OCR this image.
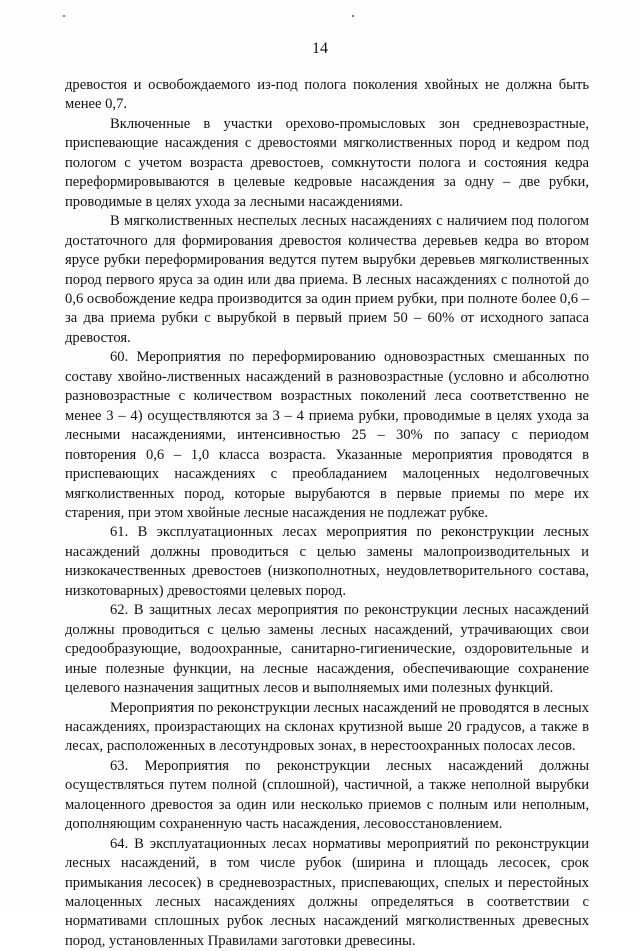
14

древостоя и освобождаемого из-под полога поколения хвойных не должна быть менее 0,7.

Включенные в участки орехово-промысловых зон средневозрастные, приспевающие насаждения с древостоями мягколиственных пород и кедром под пологом с учетом возраста древостоев, сомкнутости полога и состояния кедра переформировываются в целевые кедровые насаждения за одну – две рубки, проводимые в целях ухода за лесными насаждениями.

В мягколиственных неспелых лесных насаждениях с наличием под пологом достаточного для формирования древостоя количества деревьев кедра во втором ярусе рубки переформирования ведутся путем вырубки деревьев мягколиственных пород первого яруса за один или два приема. В лесных насаждениях с полнотой до 0,6 освобождение кедра производится за один прием рубки, при полноте более 0,6 – за два приема рубки с вырубкой в первый прием 50 – 60% от исходного запаса древостоя.

60. Мероприятия по переформированию одновозрастных смешанных по составу хвойно-лиственных насаждений в разновозрастные (условно и абсолютно разновозрастные с количеством возрастных поколений леса соответственно не менее 3 – 4) осуществляются за 3 – 4 приема рубки, проводимые в целях ухода за лесными насаждениями, интенсивностью 25 – 30% по запасу с периодом повторения 0,6 – 1,0 класса возраста. Указанные мероприятия проводятся в приспевающих насаждениях с преобладанием малоценных недолговечных мягколиственных пород, которые вырубаются в первые приемы по мере их старения, при этом хвойные лесные насаждения не подлежат рубке.

61. В эксплуатационных лесах мероприятия по реконструкции лесных насаждений должны проводиться с целью замены малопроизводительных и низкокачественных древостоев (низкополнотных, неудовлетворительного состава, низкотоварных) древостоями целевых пород.

62. В защитных лесах мероприятия по реконструкции лесных насаждений должны проводиться с целью замены лесных насаждений, утрачивающих свои средообразующие, водоохранные, санитарно-гигиенические, оздоровительные и иные полезные функции, на лесные насаждения, обеспечивающие сохранение целевого назначения защитных лесов и выполняемых ими полезных функций.

Мероприятия по реконструкции лесных насаждений не проводятся в лесных насаждениях, произрастающих на склонах крутизной выше 20 градусов, а также в лесах, расположенных в лесотундровых зонах, в нерестоохранных полосах лесов.

63. Мероприятия по реконструкции лесных насаждений должны осуществляться путем полной (сплошной), частичной, а также неполной вырубки малоценного древостоя за один или несколько приемов с полным или неполным, дополняющим сохраненную часть насаждения, лесовосстановлением.

64. В эксплуатационных лесах нормативы мероприятий по реконструкции лесных насаждений, в том числе рубок (ширина и площадь лесосек, срок примыкания лесосек) в средневозрастных, приспевающих, спелых и перестойных малоценных лесных насаждениях должны определяться в соответствии с нормативами сплошных рубок лесных насаждений мягколиственных древесных пород, установленных Правилами заготовки древесины.
